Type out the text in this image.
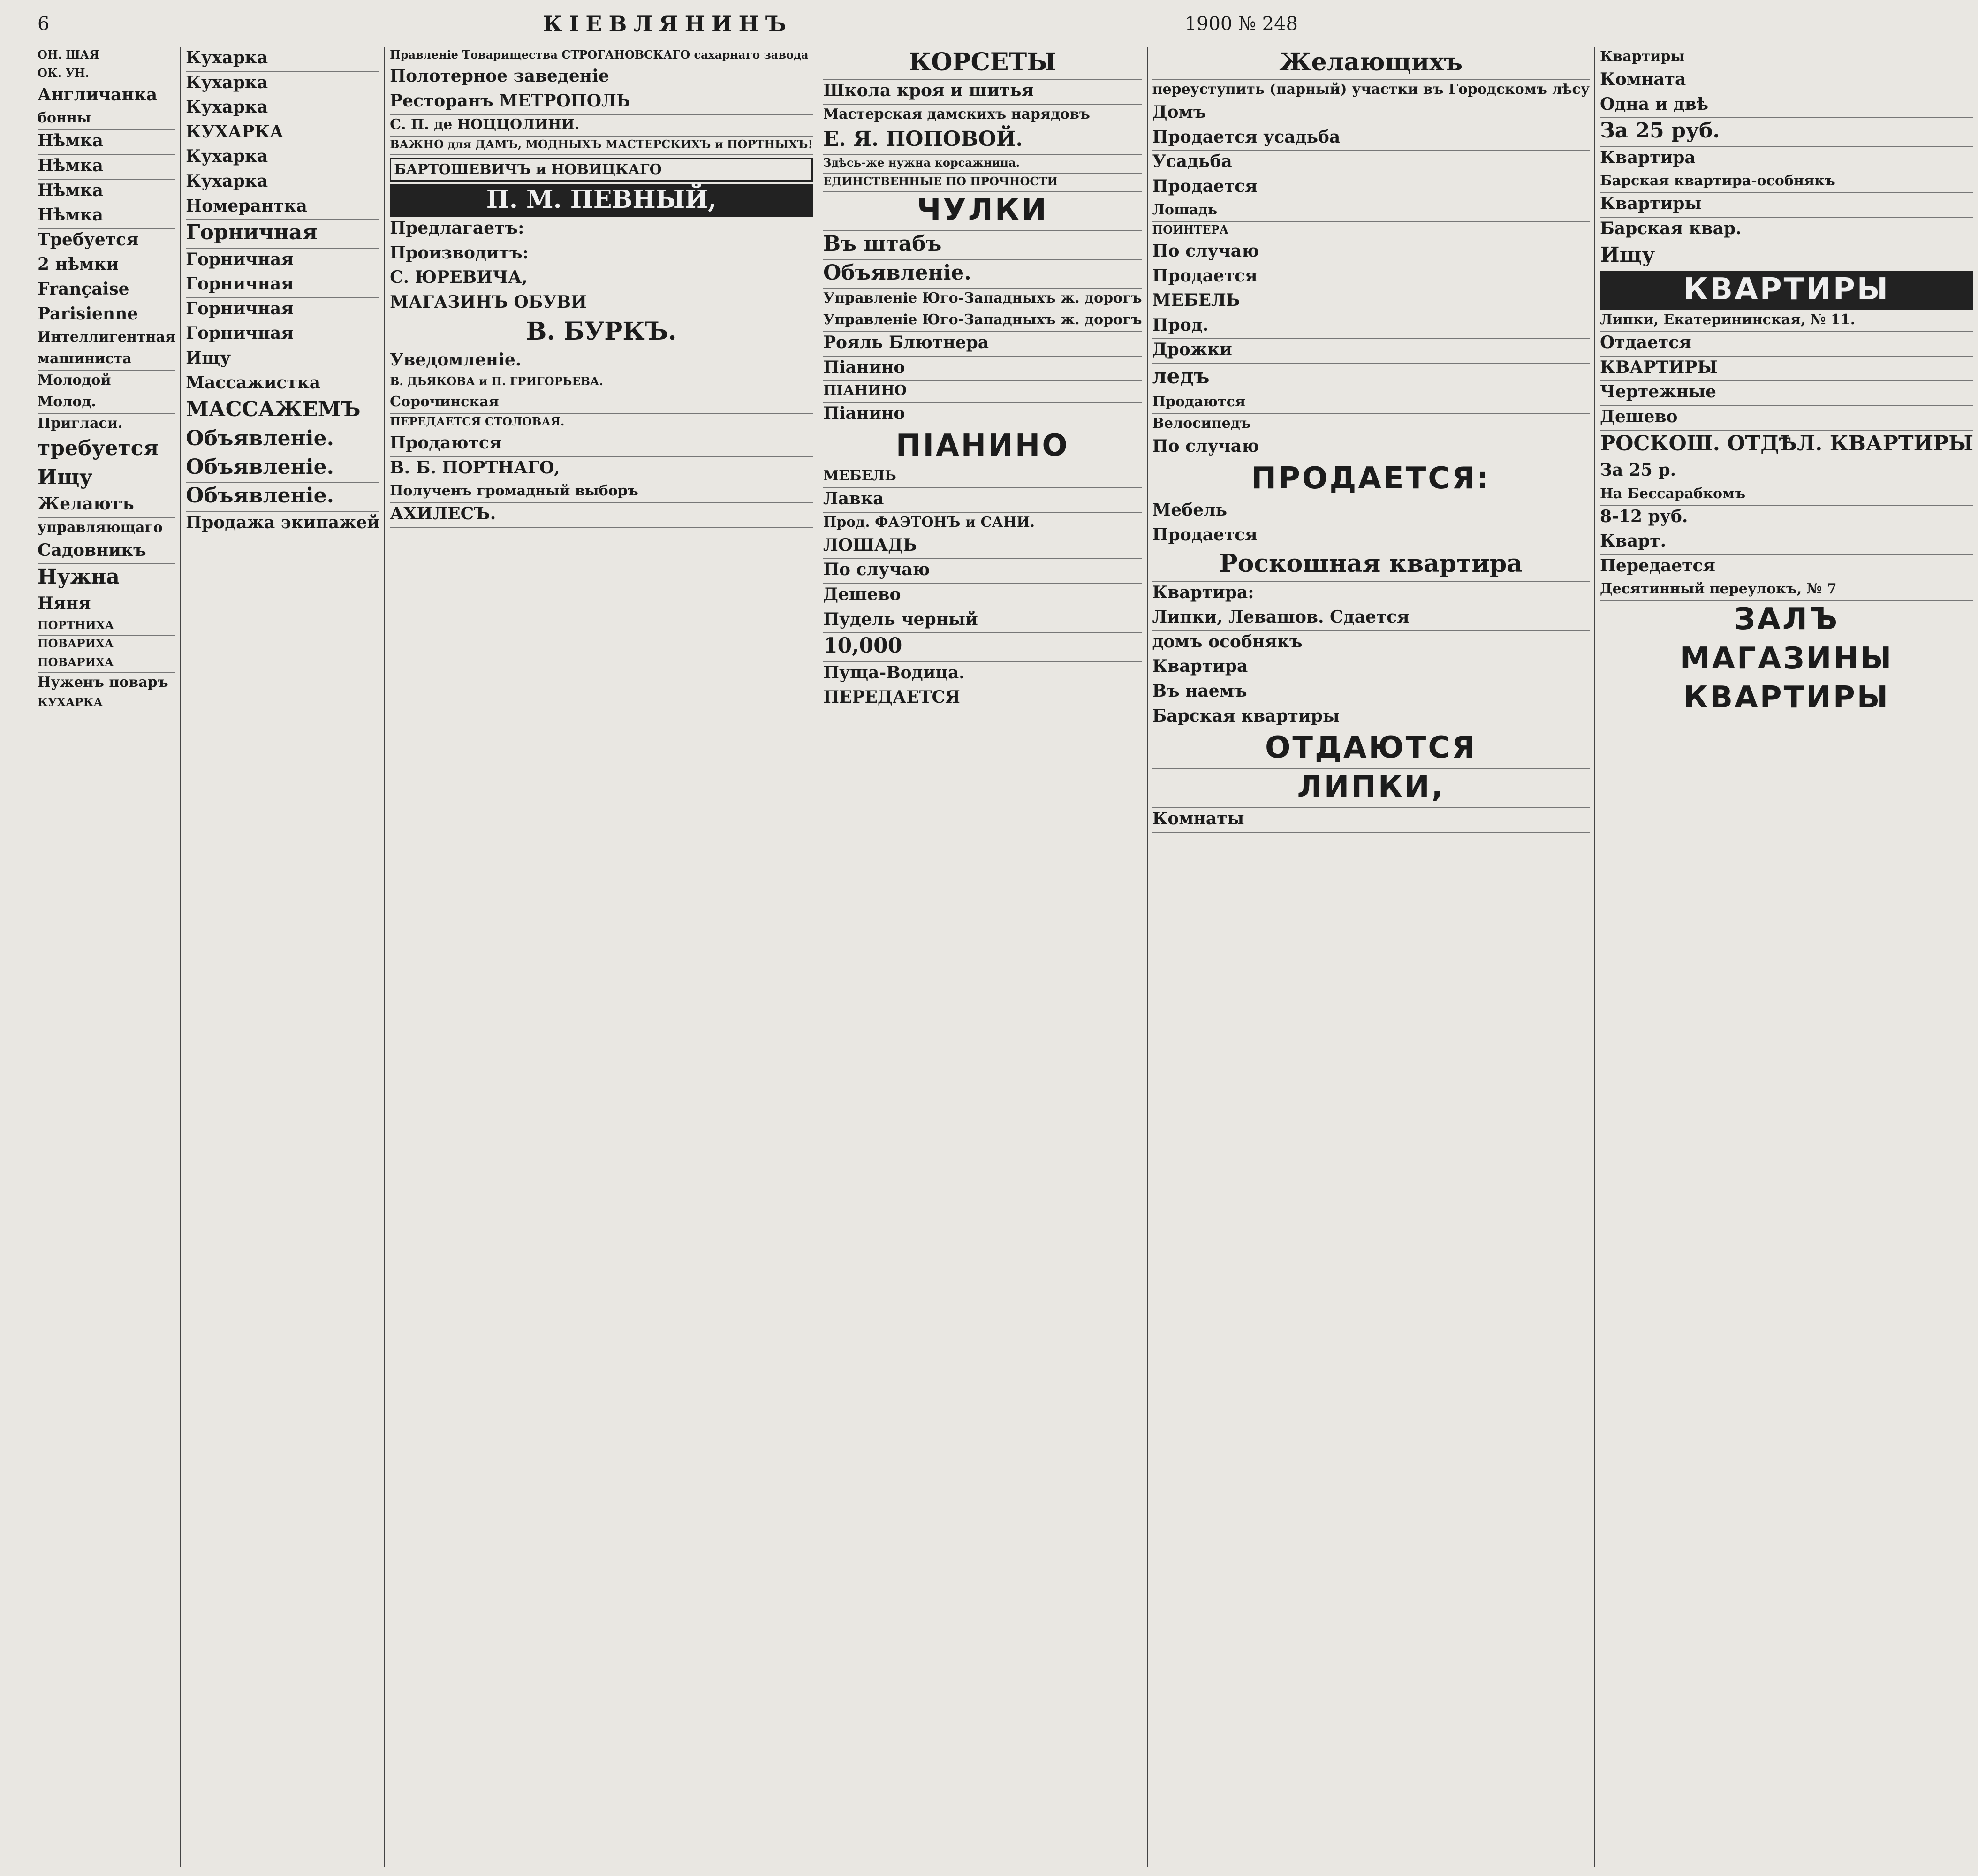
6	КІЕВЛЯНИНЪ	1900 № 248
ОН. ШАЯ
ОК. УН.
Англичанка
бонны
Нѣмка
Нѣмка
Нѣмка
Нѣмка
Требуется
2 нѣмки
Française
Parisienne
Интеллигентная
машиниста
Молодой
Молод.
Пригласи.
требуется
Ищу
Желаютъ
управляющаго
Садовникъ
Нужна
Няня
ПОРТНИХА
ПОВАРИХА
ПОВАРИХА
Нуженъ поваръ
КУХАРКА
Кухарка
Кухарка
Кухарка
КУХАРКА
Кухарка
Кухарка
Номерантка
Горничная
Горничная
Горничная
Горничная
Горничная
Ищу
Массажистка
МАССАЖЕМЪ
Объявленіе.
Объявленіе.
Объявленіе.
Продажа экипажей
Правленіе Товарищества СТРОГАНОВСКАГО сахарнаго завода
Полотерное заведеніе
Ресторанъ МЕТРОПОЛЬ
С. П. де НОЦЦОЛИНИ.
ВАЖНО для ДАМЪ, МОДНЫХЪ МАСТЕРСКИХЪ и ПОРТНЫХЪ!
БАРТОШЕВИЧЪ и НОВИЦКАГО
П. М. ПЕВНЫЙ,
Предлагаетъ:
Производитъ:
С. ЮРЕВИЧА,
МАГАЗИНЪ ОБУВИ
В. БУРКЪ.
Уведомленіе.
В. ДЬЯКОВА и П. ГРИГОРЬЕВА.
Сорочинская
ПЕРЕДАЕТСЯ СТОЛОВАЯ.
Продаются
В. Б. ПОРТНАГО,
Полученъ громадный выборъ
АХИЛЕСЪ.
КОРСЕТЫ
Школа кроя и шитья
Мастерская дамскихъ нарядовъ
Е. Я. ПОПОВОЙ.
Здѣсь-же нужна корсажница.
ЕДИНСТВЕННЫЕ ПО ПРОЧНОСТИ
ЧУЛКИ
Въ штабъ
Объявленіе.
Управленіе Юго-Западныхъ ж. дорогъ
Управленіе Юго-Западныхъ ж. дорогъ
Рояль Блютнера
Піанино
ПІАНИНО
Піанино
ПІАНИНО
МЕБЕЛЬ
Лавка
Прод. ФАЭТОНЪ и САНИ.
ЛОШАДЬ
По случаю
Дешево
Пудель черный
10,000
Пуща-Водица.
ПЕРЕДАЕТСЯ
Желающихъ
переуступить (парный) участки въ Городскомъ лѣсу
Домъ
Продается усадьба
Усадьба
Продается
Лошадь
ПОИНТЕРА
По случаю
Продается
МЕБЕЛЬ
Прод.
Дрожки
ледъ
Продаются
Велосипедъ
По случаю
ПРОДАЕТСЯ:
Мебель
Продается
Роскошная квартира
Квартира:
Липки, Левашов. Сдается
домъ особнякъ
Квартира
Въ наемъ
Барская квартиры
ОТДАЮТСЯ
ЛИПКИ,
Комнаты
Квартиры
Комната
Одна и двѣ
За 25 руб.
Квартира
Барская квартира-особнякъ
Квартиры
Барская квар.
Ищу
КВАРТИРЫ
Липки, Екатерининская, № 11.
Отдается
КВАРТИРЫ
Чертежные
Дешево
РОСКОШ. ОТДѢЛ. КВАРТИРЫ
За 25 р.
На Бессарабкомъ
8-12 руб.
Кварт.
Передается
Десятинный переулокъ, № 7
ЗАЛЪ
МАГАЗИНЫ
КВАРТИРЫ
